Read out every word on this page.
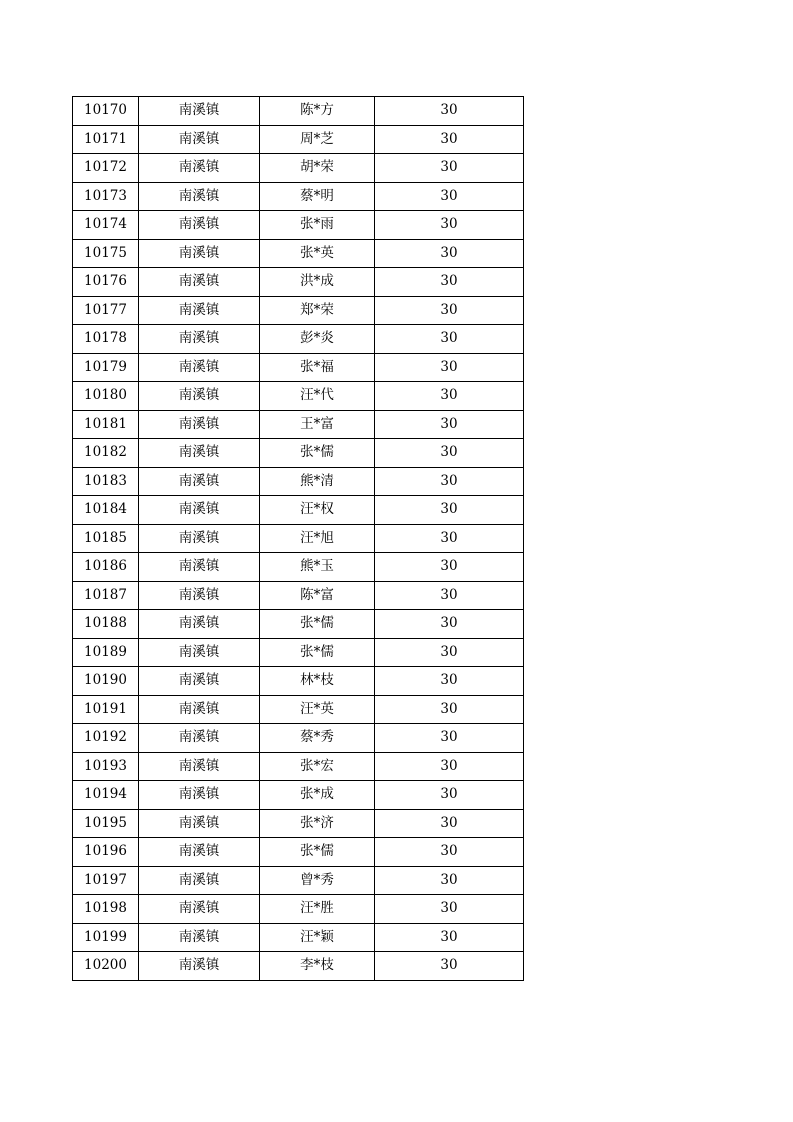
10170	南溪镇	陈*方	30
10171	南溪镇	周*芝	30
10172	南溪镇	胡*荣	30
10173	南溪镇	蔡*明	30
10174	南溪镇	张*雨	30
10175	南溪镇	张*英	30
10176	南溪镇	洪*成	30
10177	南溪镇	郑*荣	30
10178	南溪镇	彭*炎	30
10179	南溪镇	张*福	30
10180	南溪镇	汪*代	30
10181	南溪镇	王*富	30
10182	南溪镇	张*儒	30
10183	南溪镇	熊*清	30
10184	南溪镇	汪*权	30
10185	南溪镇	汪*旭	30
10186	南溪镇	熊*玉	30
10187	南溪镇	陈*富	30
10188	南溪镇	张*儒	30
10189	南溪镇	张*儒	30
10190	南溪镇	林*枝	30
10191	南溪镇	汪*英	30
10192	南溪镇	蔡*秀	30
10193	南溪镇	张*宏	30
10194	南溪镇	张*成	30
10195	南溪镇	张*济	30
10196	南溪镇	张*儒	30
10197	南溪镇	曾*秀	30
10198	南溪镇	汪*胜	30
10199	南溪镇	汪*颖	30
10200	南溪镇	李*枝	30
